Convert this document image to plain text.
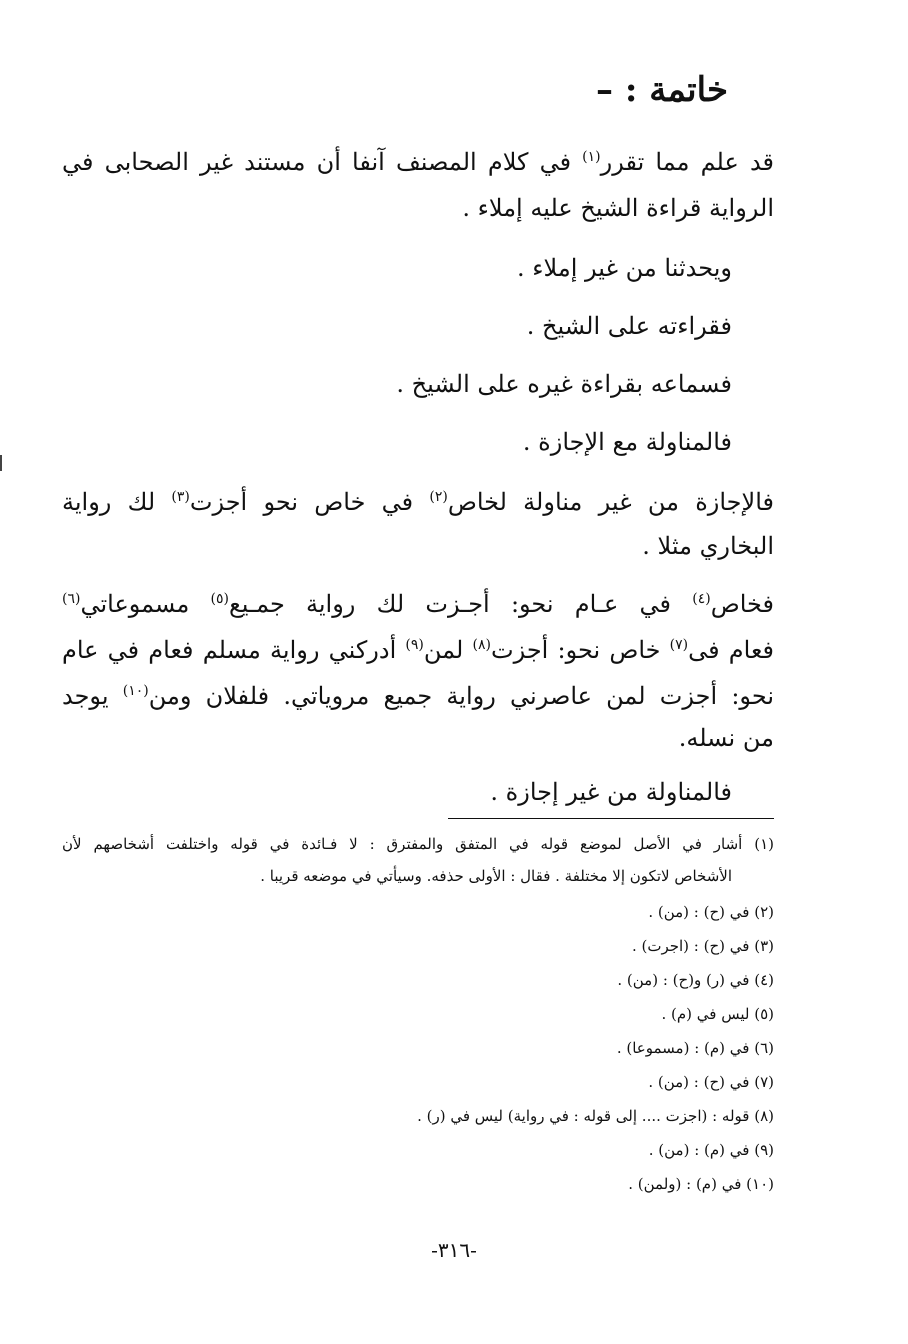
خاتمة : –
قد علم مما تقرر$^{(١)}$ في كلام المصنف آنفا أن مستند غير الصحابى في
الرواية قراءة الشيخ عليه إملاء .
ويحدثنا من غير إملاء .
فقراءته على الشيخ .
فسماعه بقراءة غيره على الشيخ .
فالمناولة مع الإجازة .
فالإجازة من غير مناولة لخاص$^{(٢)}$ في خاص نحو أجزت$^{(٣)}$ لك رواية
البخاري مثلا .
فخاص$^{(٤)}$ في عـام نحو: أجـزت لك رواية جمـيع$^{(٥)}$ مسموعاتي$^{(٦)}$
فعام فى$^{(٧)}$ خاص نحو: أجزت$^{(٨)}$ لمن$^{(٩)}$ أدركني رواية مسلم فعام في عام
نحو: أجزت لمن عاصرني رواية جميع مروياتي. فلفلان ومن$^{(١٠)}$ يوجد
من نسله.
فالمناولة من غير إجازة .
(١) أشار في الأصل لموضع قوله في المتفق والمفترق : لا فـائدة في قوله واختلفت أشخاصهم لأن
الأشخاص لاتكون إلا مختلفة . فقال : الأولى حذفه. وسيأتي في موضعه قريبا .
(٢) في (ح) : (من) .
(٣) في (ح) : (اجرت) .
(٤) في (ر) و(ح) : (من) .
(٥) ليس في (م) .
(٦) في (م) : (مسموعا) .
(٧) في (ح) : (من) .
(٨) قوله : (اجزت .... إلى قوله : في رواية) ليس في (ر) .
(٩) في (م) : (من) .
(١٠) في (م) : (ولمن) .
-٣١٦-
